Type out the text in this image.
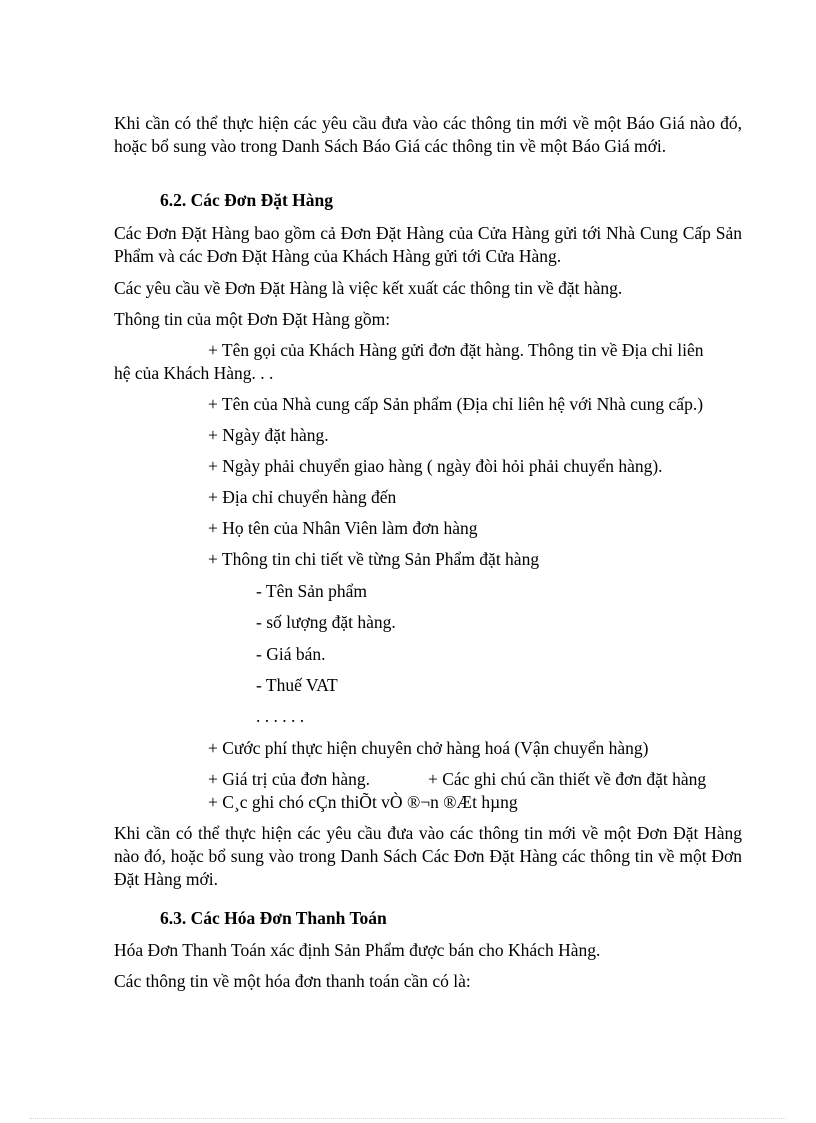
Khi cần có thể thực hiện các yêu cầu đưa vào các thông tin mới về một Báo Giá nào đó, hoặc bổ sung vào trong Danh Sách Báo Giá các thông tin về một Báo Giá mới.

6.2. Các Đơn Đặt Hàng

Các Đơn Đặt Hàng bao gồm cả Đơn Đặt Hàng của Cửa Hàng gửi tới Nhà Cung Cấp Sản Phẩm và các Đơn Đặt Hàng của Khách Hàng gửi tới Cửa Hàng.

Các yêu cầu về Đơn Đặt Hàng là việc kết xuất các thông tin về đặt hàng.

Thông tin của một Đơn Đặt Hàng gồm:

+ Tên gọi của Khách Hàng gửi đơn đặt hàng. Thông tin về Địa chỉ liên

hệ của Khách Hàng. . .

+ Tên của Nhà cung cấp Sản phẩm (Địa chỉ liên hệ với Nhà cung cấp.)

+ Ngày đặt hàng.

+ Ngày phải chuyển giao hàng ( ngày đòi hỏi phải chuyển hàng).

+ Địa chỉ chuyển hàng đến

+ Họ tên của Nhân Viên làm đơn hàng

+ Thông tin chi tiết về từng Sản Phẩm đặt hàng

- Tên Sản phẩm

- số lượng đặt hàng.

- Giá bán.

- Thuế VAT

. . . . . .

+ Cước phí thực hiện chuyên chở hàng hoá (Vận chuyển hàng)

+ Giá trị của đơn hàng.	+ Các ghi chú cần thiết về đơn đặt hàng

+ C¸c ghi chó cÇn thiÕt vÒ ®¬n ®Æt hµng

Khi cần có thể thực hiện các yêu cầu đưa vào các thông tin mới về một Đơn Đặt Hàng nào đó, hoặc bổ sung vào trong Danh Sách Các Đơn Đặt Hàng các thông tin về một Đơn Đặt Hàng mới.

6.3. Các Hóa Đơn Thanh Toán

Hóa Đơn Thanh Toán xác định Sản Phẩm được bán cho Khách Hàng.

Các thông tin về một hóa đơn thanh toán cần có là:
